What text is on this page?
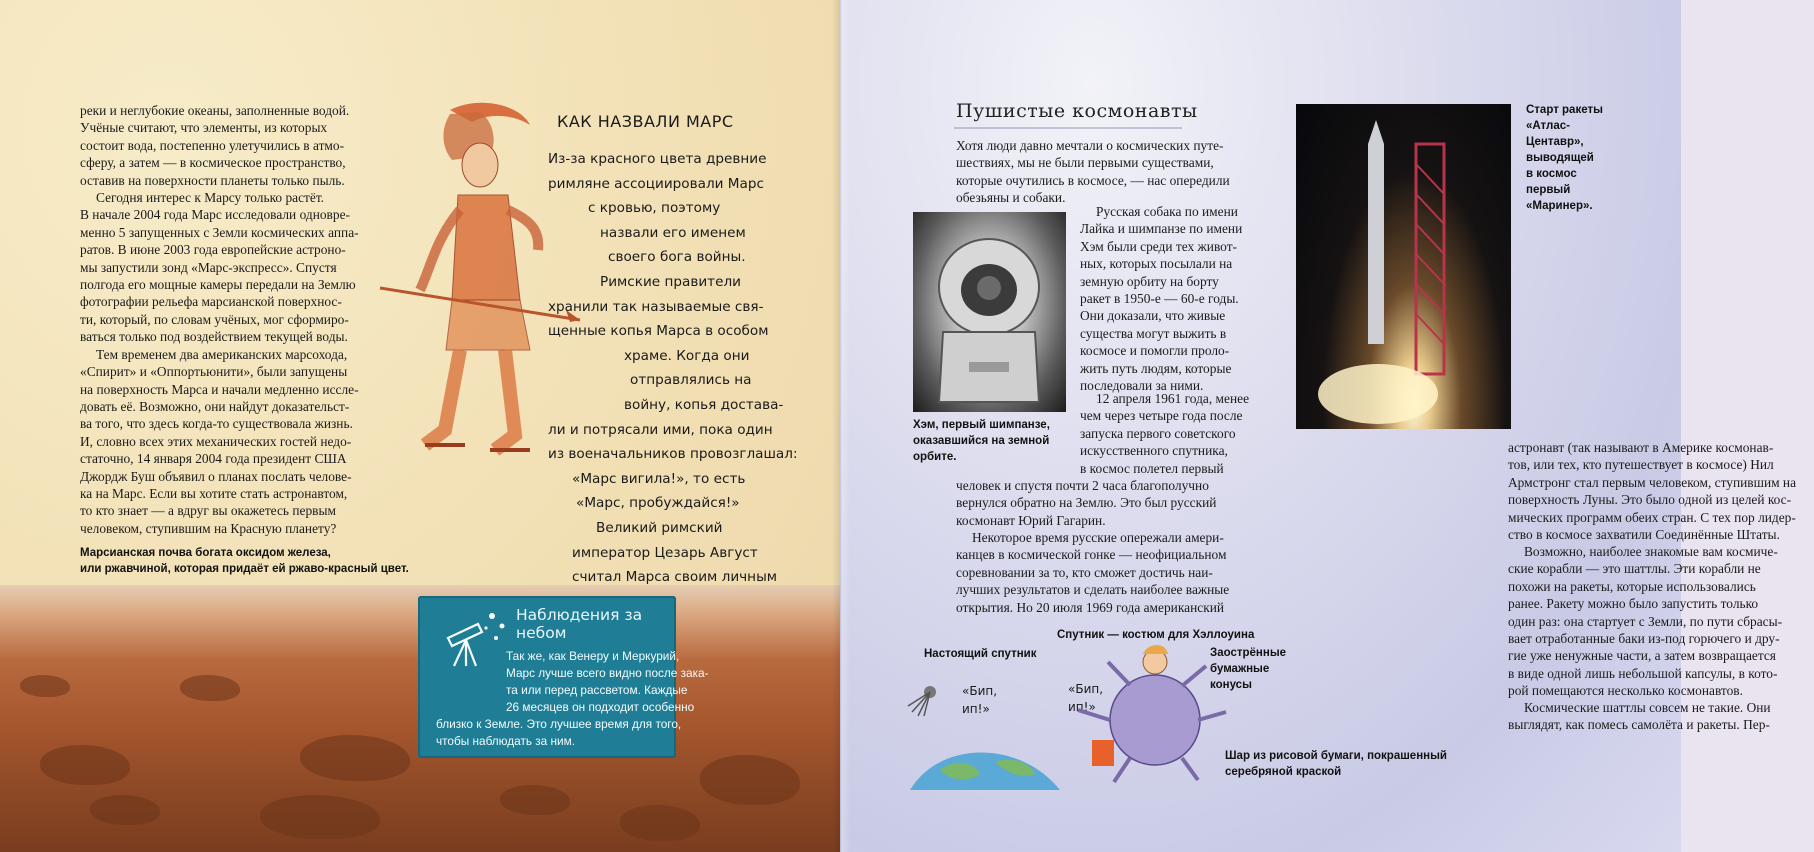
реки и неглубокие океаны, заполненные водой.
Учёные считают, что элементы, из которых
состоит вода, постепенно улетучились в атмо-
сферу, а затем — в космическое пространство,
оставив на поверхности планеты только пыль.
Сегодня интерес к Марсу только растёт.
В начале 2004 года Марс исследовали одновре-
менно 5 запущенных с Земли космических аппа-
ратов. В июне 2003 года европейские астроно-
мы запустили зонд «Марс-экспресс». Спустя
полгода его мощные камеры передали на Землю
фотографии рельефа марсианской поверхнос-
ти, который, по словам учёных, мог сформиро-
ваться только под воздействием текущей воды.
Тем временем два американских марсохода,
«Спирит» и «Оппортьюнити», были запущены
на поверхность Марса и начали медленно иссле-
довать её. Возможно, они найдут доказательст-
ва того, что здесь когда-то существовала жизнь.
И, словно всех этих механических гостей недо-
статочно, 14 января 2004 года президент США
Джордж Буш объявил о планах послать челове-
ка на Марс. Если вы хотите стать астронавтом,
то кто знает — а вдруг вы окажетесь первым
человеком, ступившим на Красную планету?
КАК НАЗВАЛИ МАРС
Из-за красного цвета древние
римляне ассоциировали Марс
с кровью, поэтому
назвали его именем
своего бога войны.
Римские правители
хранили так называемые свя-
щенные копья Марса в особом
храме. Когда они
отправлялись на
войну, копья достава-
ли и потрясали ими, пока один
из военачальников провозглашал:
«Марс вигила!», то есть
«Марс, пробуждайся!»
Великий римский
император Цезарь Август
считал Марса своим личным
Марсианская почва богата оксидом железа,
или ржавчиной, которая придаёт ей ржаво-красный цвет.
Наблюдения за небом
Так же, как Венеру и Меркурий,
Марс лучше всего видно после зака-
та или перед рассветом. Каждые
26 месяцев он подходит особенно
близко к Земле. Это лучшее время для того,
чтобы наблюдать за ним.
Пушистые космонавты
Хотя люди давно мечтали о космических путе-
шествиях, мы не были первыми существами,
которые очутились в космосе, — нас опередили
обезьяны и собаки.
Русская собака по имени
Лайка и шимпанзе по имени
Хэм были среди тех живот-
ных, которых посылали на
земную орбиту на борту
ракет в 1950-е — 60-е годы.
Они доказали, что живые
существа могут выжить в
космосе и помогли проло-
жить путь людям, которые
последовали за ними.
12 апреля 1961 года, менее
чем через четыре года после
запуска первого советского
искусственного спутника,
в космос полетел первый
Хэм, первый шимпанзе,
оказавшийся на земной
орбите.
человек и спустя почти 2 часа благополучно
вернулся обратно на Землю. Это был русский
космонавт Юрий Гагарин.
Некоторое время русские опережали амери-
канцев в космической гонке — неофициальном
соревновании за то, кто сможет достичь наи-
лучших результатов и сделать наиболее важные
открытия. Но 20 июля 1969 года американский
Старт ракеты
«Атлас-
Центавр»,
выводящей
в космос
первый
«Маринер».
астронавт (так называют в Америке космонав-
тов, или тех, кто путешествует в космосе) Нил
Армстронг стал первым человеком, ступившим на
поверхность Луны. Это было одной из целей кос-
мических программ обеих стран. С тех пор лидер-
ство в космосе захватили Соединённые Штаты.
Возможно, наиболее знакомые вам космиче-
ские корабли — это шаттлы. Эти корабли не
похожи на ракеты, которые использовались
ранее. Ракету можно было запустить только
один раз: она стартует с Земли, по пути сбрасы-
вает отработанные баки из-под горючего и дру-
гие уже ненужные части, а затем возвращается
в виде одной лишь небольшой капсулы, в кото-
рой помещаются несколько космонавтов.
Космические шаттлы совсем не такие. Они
выглядят, как помесь самолёта и ракеты. Пер-
Настоящий спутник
Спутник — костюм для Хэллоуина
Заострённые
бумажные
конусы
Шар из рисовой бумаги, покрашенный
серебряной краской
«Бип,
ип!»
«Бип,
ип!»
